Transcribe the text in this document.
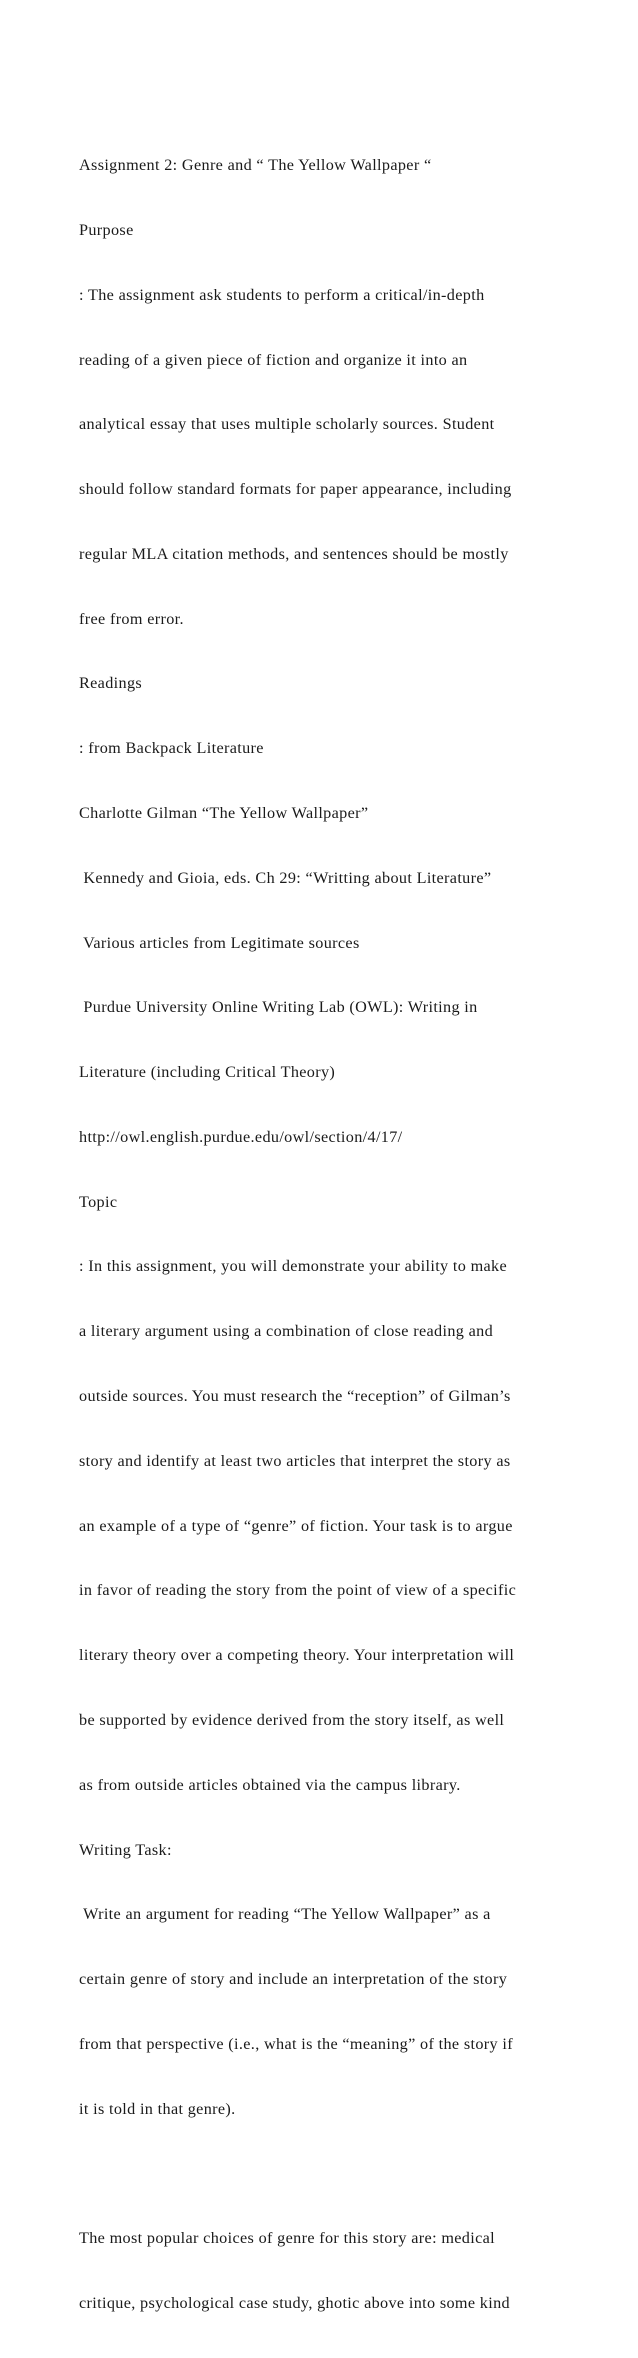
Assignment 2: Genre and “ The Yellow Wallpaper “

Purpose

: The assignment ask students to perform a critical/in-depth

reading of a given piece of fiction and organize it into an

analytical essay that uses multiple scholarly sources. Student

should follow standard formats for paper appearance, including

regular MLA citation methods, and sentences should be mostly

free from error.

Readings

: from Backpack Literature

Charlotte Gilman “The Yellow Wallpaper”

Kennedy and Gioia, eds. Ch 29: “Writting about Literature”

Various articles from Legitimate sources

Purdue University Online Writing Lab (OWL): Writing in

Literature (including Critical Theory)

http://owl.english.purdue.edu/owl/section/4/17/

Topic

: In this assignment, you will demonstrate your ability to make

a literary argument using a combination of close reading and

outside sources. You must research the “reception” of Gilman’s

story and identify at least two articles that interpret the story as

an example of a type of “genre” of fiction. Your task is to argue

in favor of reading the story from the point of view of a specific

literary theory over a competing theory. Your interpretation will

be supported by evidence derived from the story itself, as well

as from outside articles obtained via the campus library.

Writing Task:

Write an argument for reading “The Yellow Wallpaper” as a

certain genre of story and include an interpretation of the story

from that perspective (i.e., what is the “meaning” of the story if

it is told in that genre).

The most popular choices of genre for this story are: medical

critique, psychological case study, ghotic above into some kind
